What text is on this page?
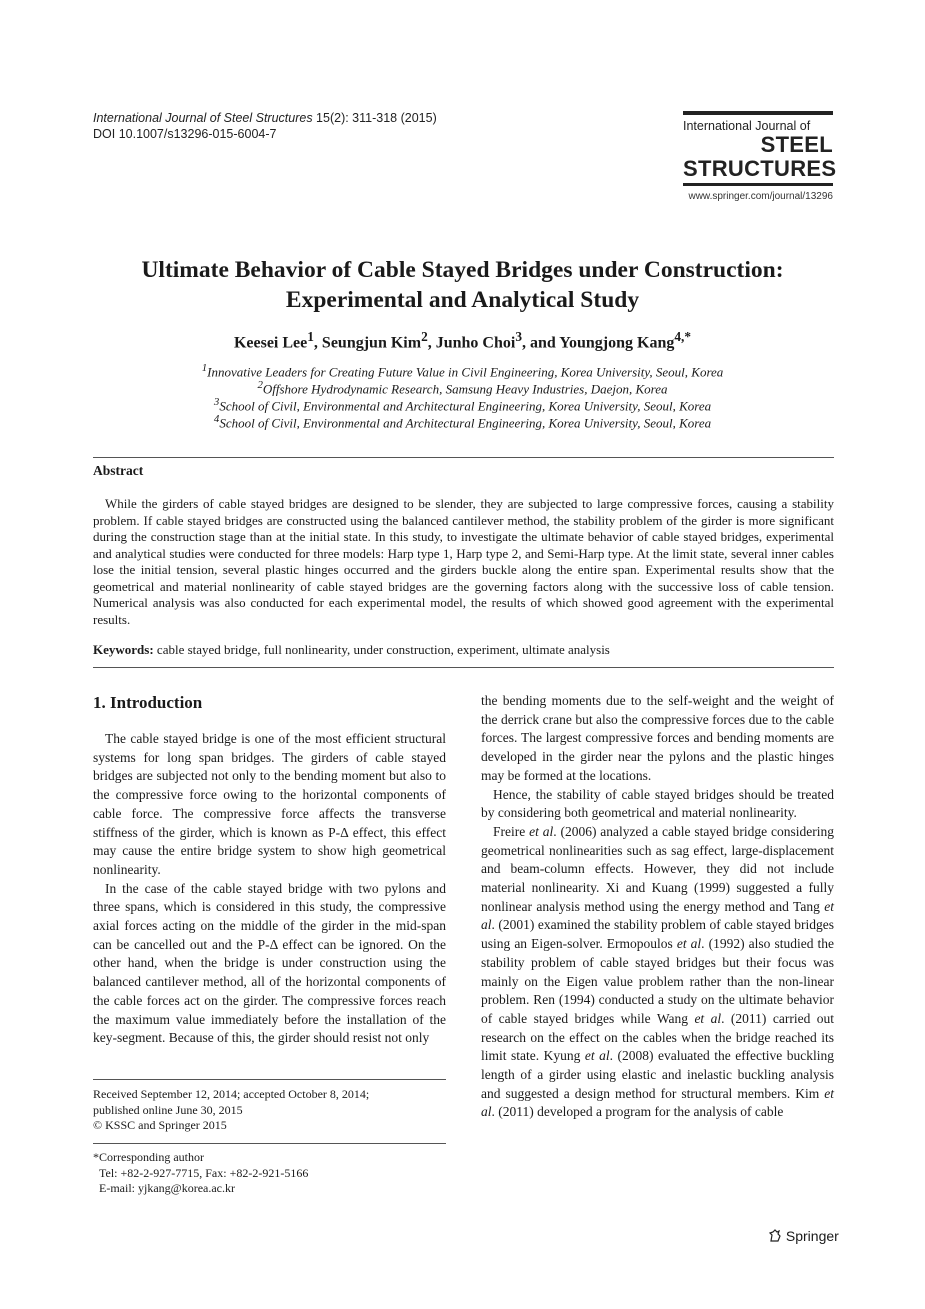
International Journal of Steel Structures 15(2): 311-318 (2015)
DOI 10.1007/s13296-015-6004-7
International Journal of
STEEL
STRUCTURES
www.springer.com/journal/13296
Ultimate Behavior of Cable Stayed Bridges under Construction:
Experimental and Analytical Study
Keesei Lee$^1$, Seungjun Kim$^2$, Junho Choi$^3$, and Youngjong Kang$^{4,*}$
$^1$Innovative Leaders for Creating Future Value in Civil Engineering, Korea University, Seoul, Korea
$^2$Offshore Hydrodynamic Research, Samsung Heavy Industries, Daejon, Korea
$^3$School of Civil, Environmental and Architectural Engineering, Korea University, Seoul, Korea
$^4$School of Civil, Environmental and Architectural Engineering, Korea University, Seoul, Korea
Abstract
While the girders of cable stayed bridges are designed to be slender, they are subjected to large compressive forces, causing a stability problem. If cable stayed bridges are constructed using the balanced cantilever method, the stability problem of the girder is more significant during the construction stage than at the initial state. In this study, to investigate the ultimate behavior of cable stayed bridges, experimental and analytical studies were conducted for three models: Harp type 1, Harp type 2, and Semi-Harp type. At the limit state, several inner cables lose the initial tension, several plastic hinges occurred and the girders buckle along the entire span. Experimental results show that the geometrical and material nonlinearity of cable stayed bridges are the governing factors along with the successive loss of cable tension. Numerical analysis was also conducted for each experimental model, the results of which showed good agreement with the experimental results.
Keywords: cable stayed bridge, full nonlinearity, under construction, experiment, ultimate analysis
1. Introduction

The cable stayed bridge is one of the most efficient structural systems for long span bridges. The girders of cable stayed bridges are subjected not only to the bending moment but also to the compressive force owing to the horizontal components of cable force. The compressive force affects the transverse stiffness of the girder, which is known as P-Δ effect, this effect may cause the entire bridge system to show high geometrical nonlinearity.

In the case of the cable stayed bridge with two pylons and three spans, which is considered in this study, the compressive axial forces acting on the middle of the girder in the mid-span can be cancelled out and the P-Δ effect can be ignored. On the other hand, when the bridge is under construction using the balanced cantilever method, all of the horizontal components of the cable forces act on the girder. The compressive forces reach the maximum value immediately before the installation of the key-segment. Because of this, the girder should resist not only

Received September 12, 2014; accepted October 8, 2014;
published online June 30, 2015
© KSSC and Springer 2015
*Corresponding author
Tel: +82-2-927-7715, Fax: +82-2-921-5166
E-mail: yjkang@korea.ac.kr

the bending moments due to the self-weight and the weight of the derrick crane but also the compressive forces due to the cable forces. The largest compressive forces and bending moments are developed in the girder near the pylons and the plastic hinges may be formed at the locations.

Hence, the stability of cable stayed bridges should be treated by considering both geometrical and material nonlinearity.

Freire et al. (2006) analyzed a cable stayed bridge considering geometrical nonlinearities such as sag effect, large-displacement and beam-column effects. However, they did not include material nonlinearity. Xi and Kuang (1999) suggested a fully nonlinear analysis method using the energy method and Tang et al. (2001) examined the stability problem of cable stayed bridges using an Eigen-solver. Ermopoulos et al. (1992) also studied the stability problem of cable stayed bridges but their focus was mainly on the Eigen value problem rather than the non-linear problem. Ren (1994) conducted a study on the ultimate behavior of cable stayed bridges while Wang et al. (2011) carried out research on the effect on the cables when the bridge reached its limit state. Kyung et al. (2008) evaluated the effective buckling length of a girder using elastic and inelastic buckling analysis and suggested a design method for structural members. Kim et al. (2011) developed a program for the analysis of cable

Springer
